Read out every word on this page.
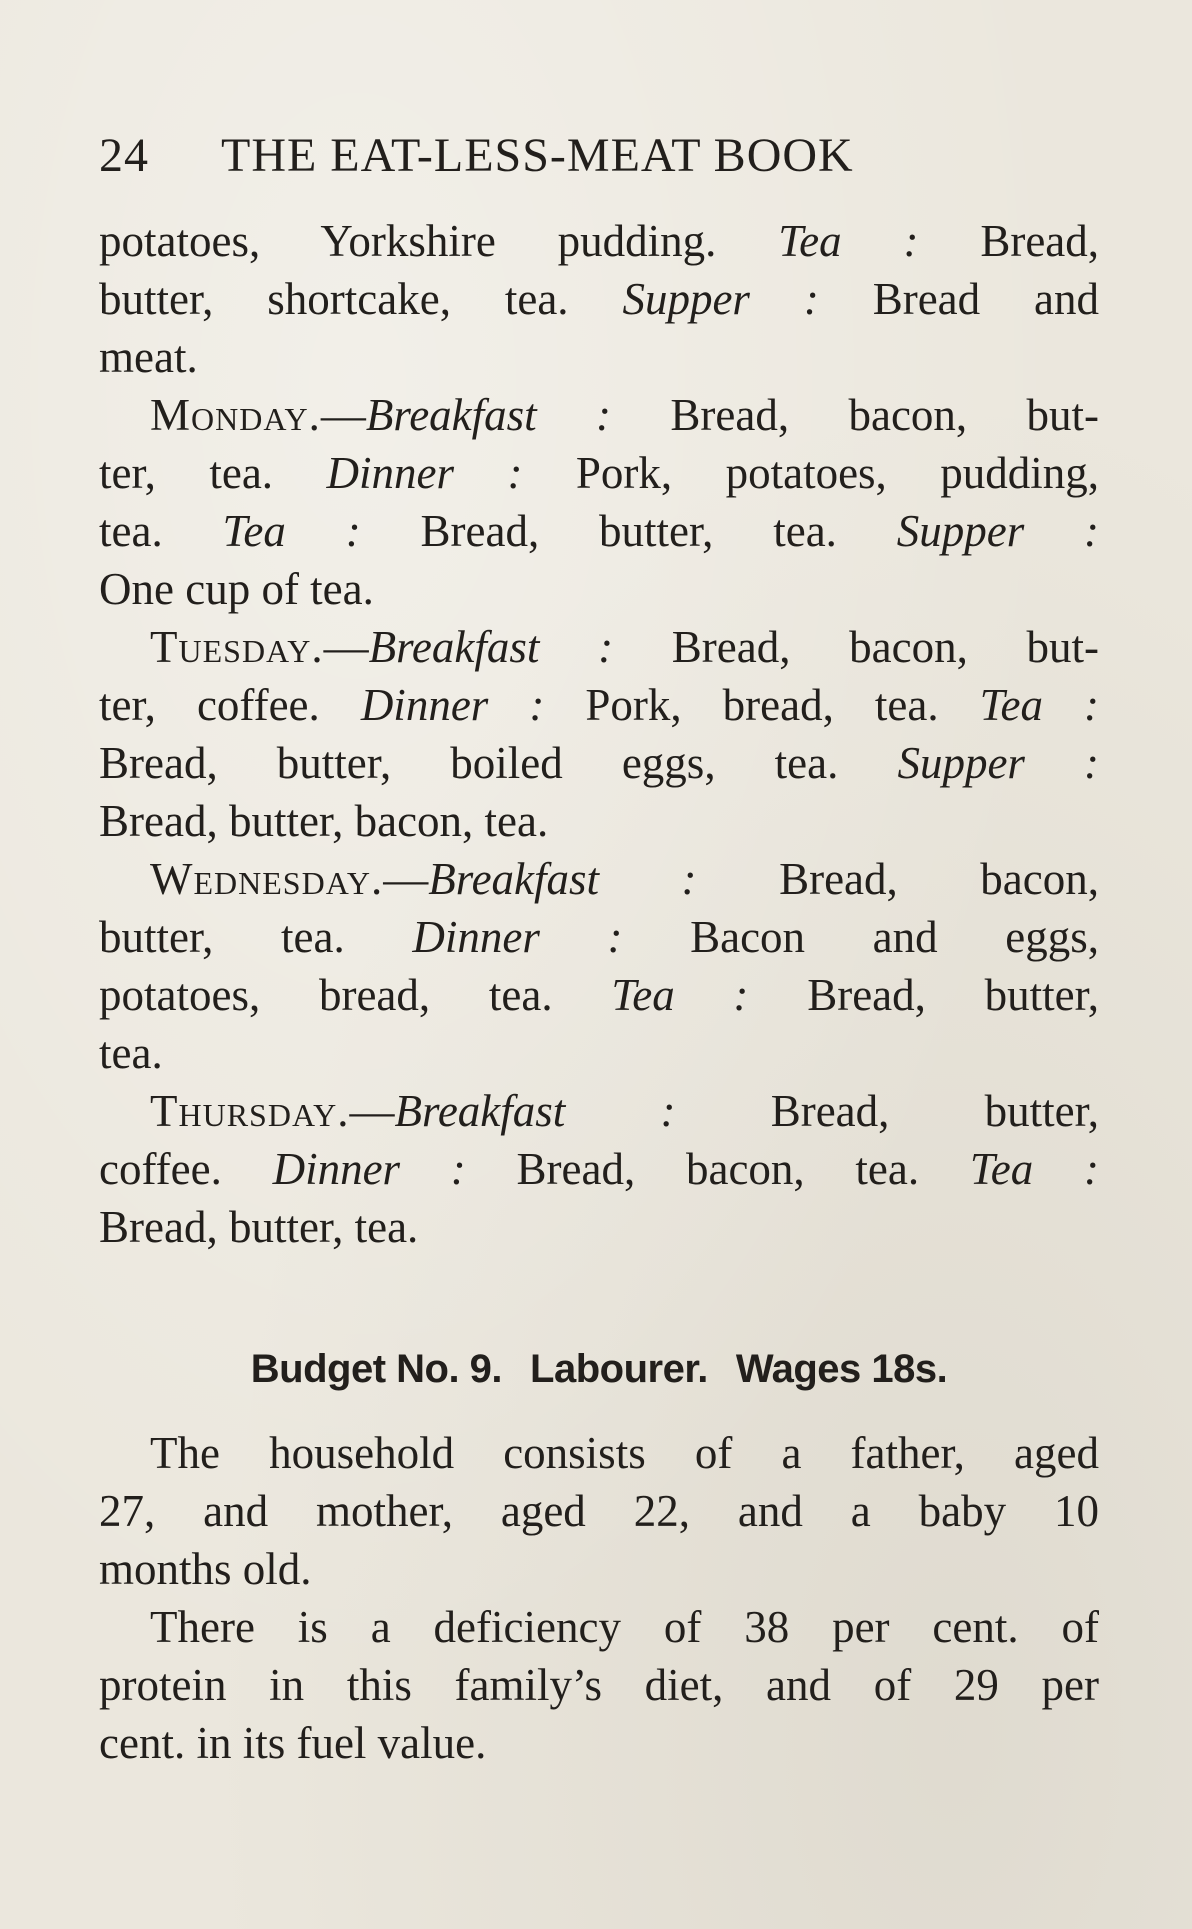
24 THE EAT-LESS-MEAT BOOK
potatoes, Yorkshire pudding. Tea : Bread,
butter, shortcake, tea. Supper : Bread and
meat.
Monday.—Breakfast : Bread, bacon, but-
ter, tea. Dinner : Pork, potatoes, pudding,
tea. Tea : Bread, butter, tea. Supper :
One cup of tea.
Tuesday.—Breakfast : Bread, bacon, but-
ter, coffee. Dinner : Pork, bread, tea. Tea :
Bread, butter, boiled eggs, tea. Supper :
Bread, butter, bacon, tea.
Wednesday.—Breakfast : Bread, bacon,
butter, tea. Dinner : Bacon and eggs,
potatoes, bread, tea. Tea : Bread, butter,
tea.
Thursday.—Breakfast : Bread, butter,
coffee. Dinner : Bread, bacon, tea. Tea :
Bread, butter, tea.
Budget No. 9. Labourer. Wages 18s.
The household consists of a father, aged
27, and mother, aged 22, and a baby 10
months old.
There is a deficiency of 38 per cent. of
protein in this family’s diet, and of 29 per
cent. in its fuel value.
